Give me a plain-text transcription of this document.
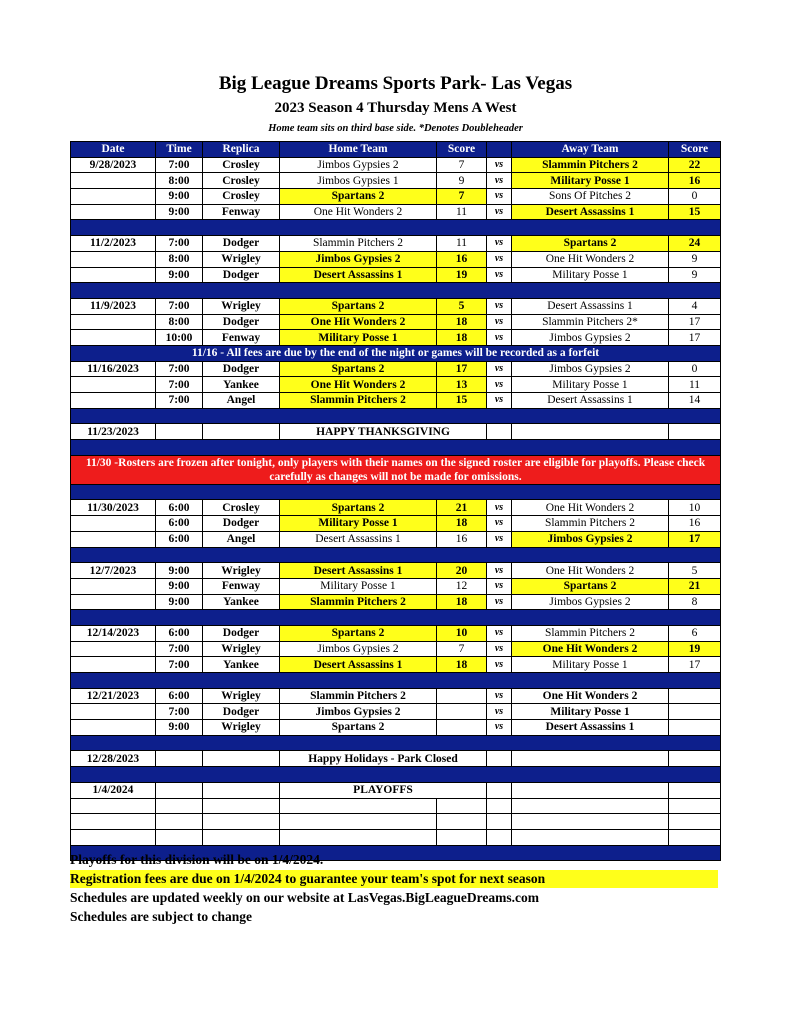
Big League Dreams Sports Park- Las Vegas
2023 Season 4 Thursday Mens A West
Home team sits on third base side. *Denotes Doubleheader
Date	Time	Replica	Home Team	Score		Away Team	Score
9/28/2023	7:00	Crosley	Jimbos Gypsies 2	7	vs	Slammin Pitchers 2	22
	8:00	Crosley	Jimbos Gypsies 1	9	vs	Military Posse 1	16
	9:00	Crosley	Spartans 2	7	vs	Sons Of Pitches 2	0
	9:00	Fenway	One Hit Wonders 2	11	vs	Desert Assassins 1	15

11/2/2023	7:00	Dodger	Slammin Pitchers 2	11	vs	Spartans 2	24
	8:00	Wrigley	Jimbos Gypsies 2	16	vs	One Hit Wonders 2	9
	9:00	Dodger	Desert Assassins 1	19	vs	Military Posse 1	9

11/9/2023	7:00	Wrigley	Spartans 2	5	vs	Desert Assassins 1	4
	8:00	Dodger	One Hit Wonders 2	18	vs	Slammin Pitchers 2*	17
	10:00	Fenway	Military Posse 1	18	vs	Jimbos Gypsies 2	17
11/16 - All fees are due by the end of the night or games will be recorded as a forfeit							
11/16/2023	7:00	Dodger	Spartans 2	17	vs	Jimbos Gypsies 2	0
	7:00	Yankee	One Hit Wonders 2	13	vs	Military Posse 1	11
	7:00	Angel	Slammin Pitchers 2	15	vs	Desert Assassins 1	14

11/23/2023			HAPPY THANKSGIVING				

11/30 -Rosters are frozen after tonight, only players with their names on the signed roster are eligible for playoffs. Please check carefully as changes will not be made for omissions.							

11/30/2023	6:00	Crosley	Spartans 2	21	vs	One Hit Wonders 2	10
	6:00	Dodger	Military Posse 1	18	vs	Slammin Pitchers 2	16
	6:00	Angel	Desert Assassins 1	16	vs	Jimbos Gypsies 2	17

12/7/2023	9:00	Wrigley	Desert Assassins 1	20	vs	One Hit Wonders 2	5
	9:00	Fenway	Military Posse 1	12	vs	Spartans 2	21
	9:00	Yankee	Slammin Pitchers 2	18	vs	Jimbos Gypsies 2	8

12/14/2023	6:00	Dodger	Spartans 2	10	vs	Slammin Pitchers 2	6
	7:00	Wrigley	Jimbos Gypsies 2	7	vs	One Hit Wonders 2	19
	7:00	Yankee	Desert Assassins 1	18	vs	Military Posse 1	17

12/21/2023	6:00	Wrigley	Slammin Pitchers 2		vs	One Hit Wonders 2	
	7:00	Dodger	Jimbos Gypsies 2		vs	Military Posse 1	
	9:00	Wrigley	Spartans 2		vs	Desert Assassins 1	

12/28/2023			Happy Holidays - Park Closed				

1/4/2024			PLAYOFFS				

Playoffs for this division will be on 1/4/2024.
Registration fees are due on 1/4/2024 to guarantee your team's spot for next season
Schedules are updated weekly on our website at LasVegas.BigLeagueDreams.com
Schedules are subject to change
